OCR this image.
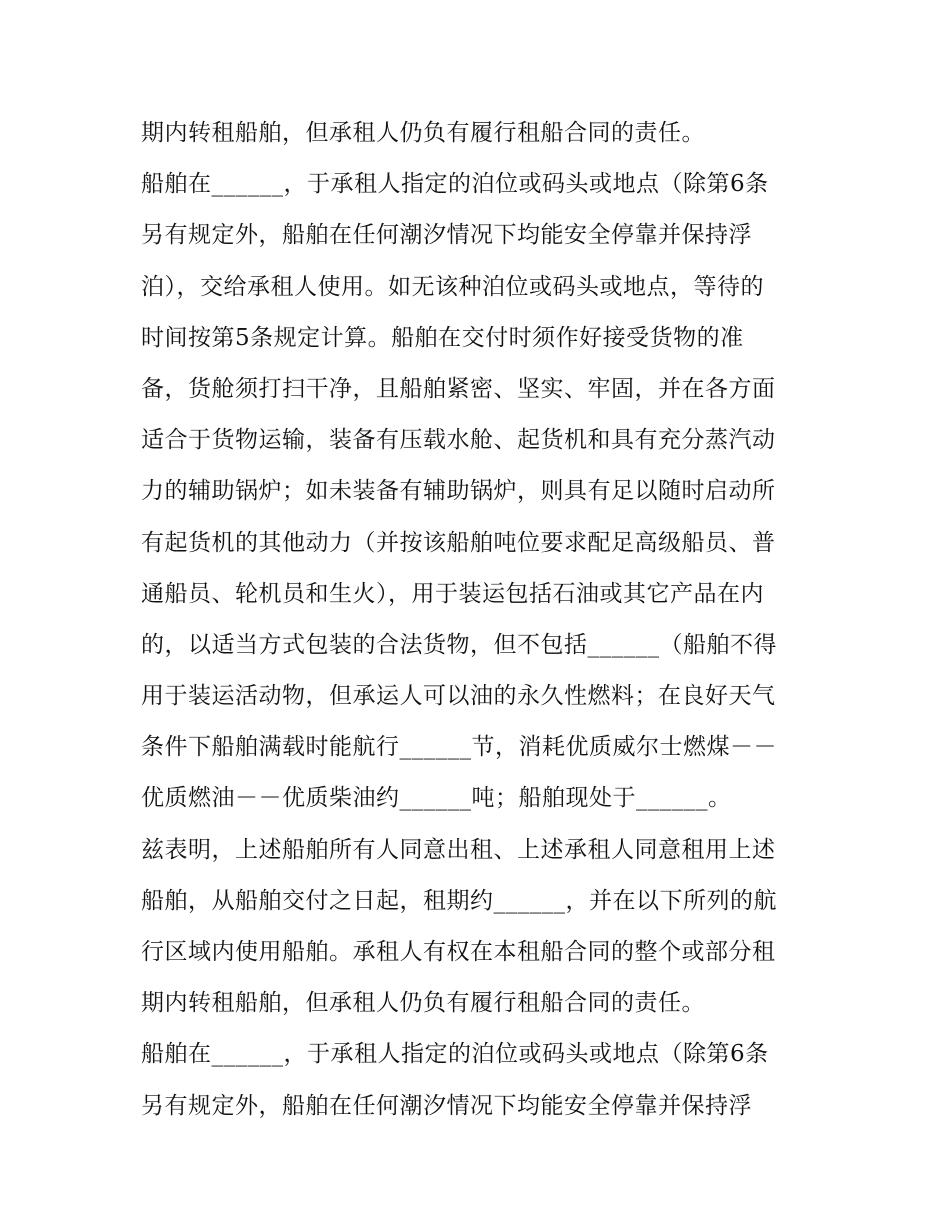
期内转租船舶，但承租人仍负有履行租船合同的责任。
船舶在______，于承租人指定的泊位或码头或地点（除第6条
另有规定外，船舶在任何潮汐情况下均能安全停靠并保持浮
泊），交给承租人使用。如无该种泊位或码头或地点，等待的
时间按第5条规定计算。船舶在交付时须作好接受货物的准
备，货舱须打扫干净，且船舶紧密、坚实、牢固，并在各方面
适合于货物运输，装备有压载水舱、起货机和具有充分蒸汽动
力的辅助锅炉；如未装备有辅助锅炉，则具有足以随时启动所
有起货机的其他动力（并按该船舶吨位要求配足高级船员、普
通船员、轮机员和生火），用于装运包括石油或其它产品在内
的，以适当方式包装的合法货物，但不包括______（船舶不得
用于装运活动物，但承运人可以油的永久性燃料；在良好天气
条件下船舶满载时能航行______节，消耗优质威尔士燃煤－－
优质燃油－－优质柴油约______吨；船舶现处于______。
兹表明，上述船舶所有人同意出租、上述承租人同意租用上述
船舶，从船舶交付之日起，租期约______，并在以下所列的航
行区域内使用船舶。承租人有权在本租船合同的整个或部分租
期内转租船舶，但承租人仍负有履行租船合同的责任。
船舶在______，于承租人指定的泊位或码头或地点（除第6条
另有规定外，船舶在任何潮汐情况下均能安全停靠并保持浮
